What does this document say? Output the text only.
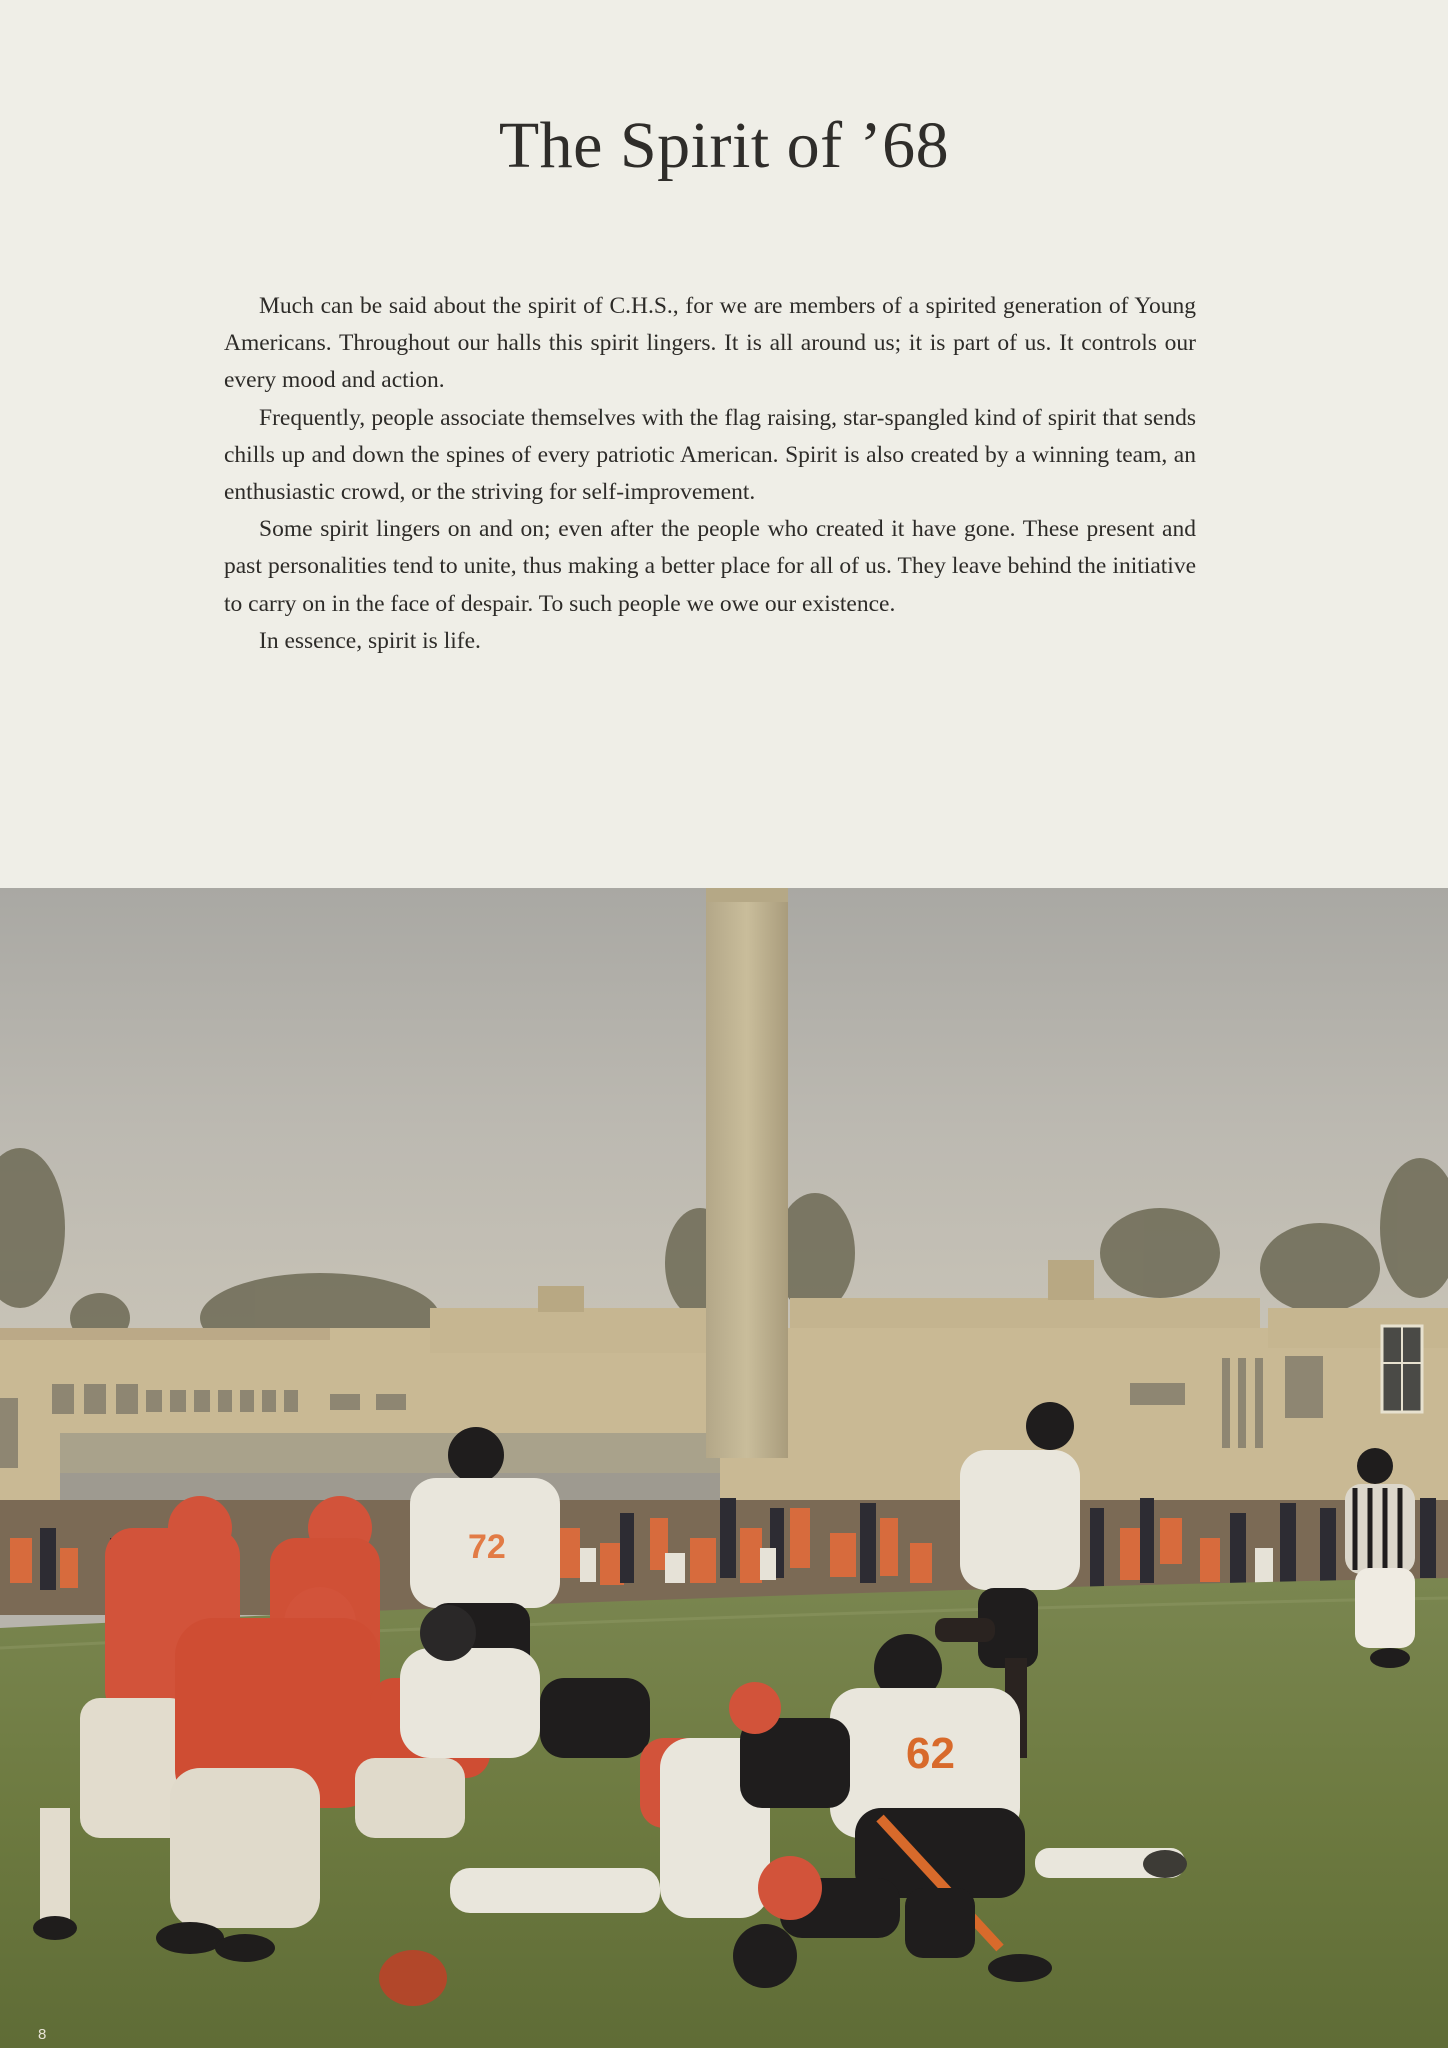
The Spirit of ’68

Much can be said about the spirit of C.H.S., for we are members of a spirited generation of Young Americans. Throughout our halls this spirit lingers. It is all around us; it is part of us. It controls our every mood and action.

Frequently, people associate themselves with the flag raising, star-spangled kind of spirit that sends chills up and down the spines of every patriotic American. Spirit is also created by a winning team, an enthusiastic crowd, or the striving for self-improvement.

Some spirit lingers on and on; even after the people who created it have gone. These present and past personalities tend to unite, thus making a better place for all of us. They leave behind the initiative to carry on in the face of despair. To such people we owe our existence.

In essence, spirit is life.

72
62
8
